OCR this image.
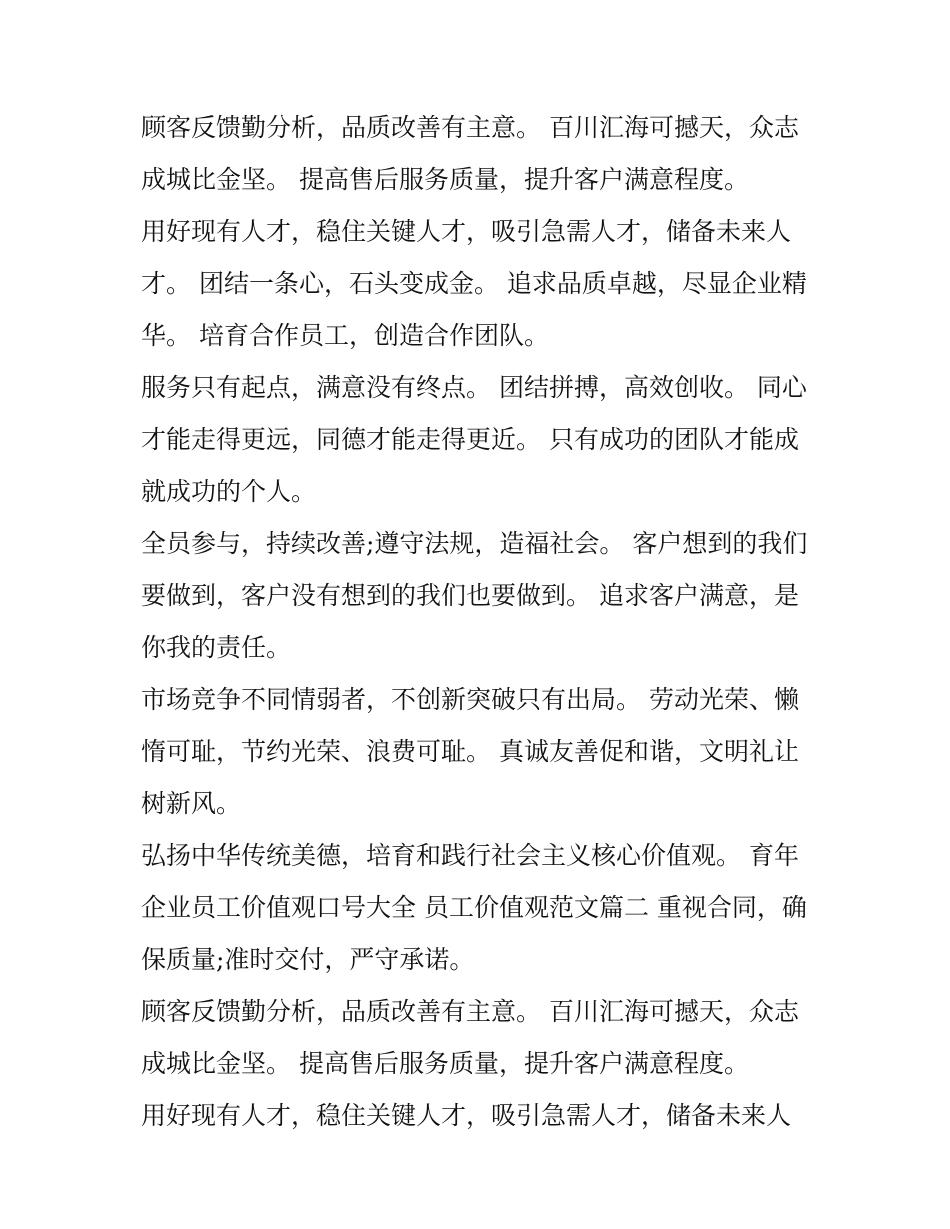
顾客反馈勤分析，品质改善有主意。 百川汇海可撼天，众志
成城比金坚。 提高售后服务质量，提升客户满意程度。

用好现有人才，稳住关键人才，吸引急需人才，储备未来人
才。 团结一条心，石头变成金。 追求品质卓越，尽显企业精
华。 培育合作员工，创造合作团队。

服务只有起点，满意没有终点。 团结拼搏，高效创收。 同心
才能走得更远，同德才能走得更近。 只有成功的团队才能成
就成功的个人。

全员参与，持续改善;遵守法规，造福社会。 客户想到的我们
要做到，客户没有想到的我们也要做到。 追求客户满意，是
你我的责任。

市场竞争不同情弱者，不创新突破只有出局。 劳动光荣、懒
惰可耻，节约光荣、浪费可耻。 真诚友善促和谐，文明礼让
树新风。

弘扬中华传统美德，培育和践行社会主义核心价值观。 育年
企业员工价值观口号大全 员工价值观范文篇二 重视合同，确
保质量;准时交付，严守承诺。

顾客反馈勤分析，品质改善有主意。 百川汇海可撼天，众志
成城比金坚。 提高售后服务质量，提升客户满意程度。

用好现有人才，稳住关键人才，吸引急需人才，储备未来人
